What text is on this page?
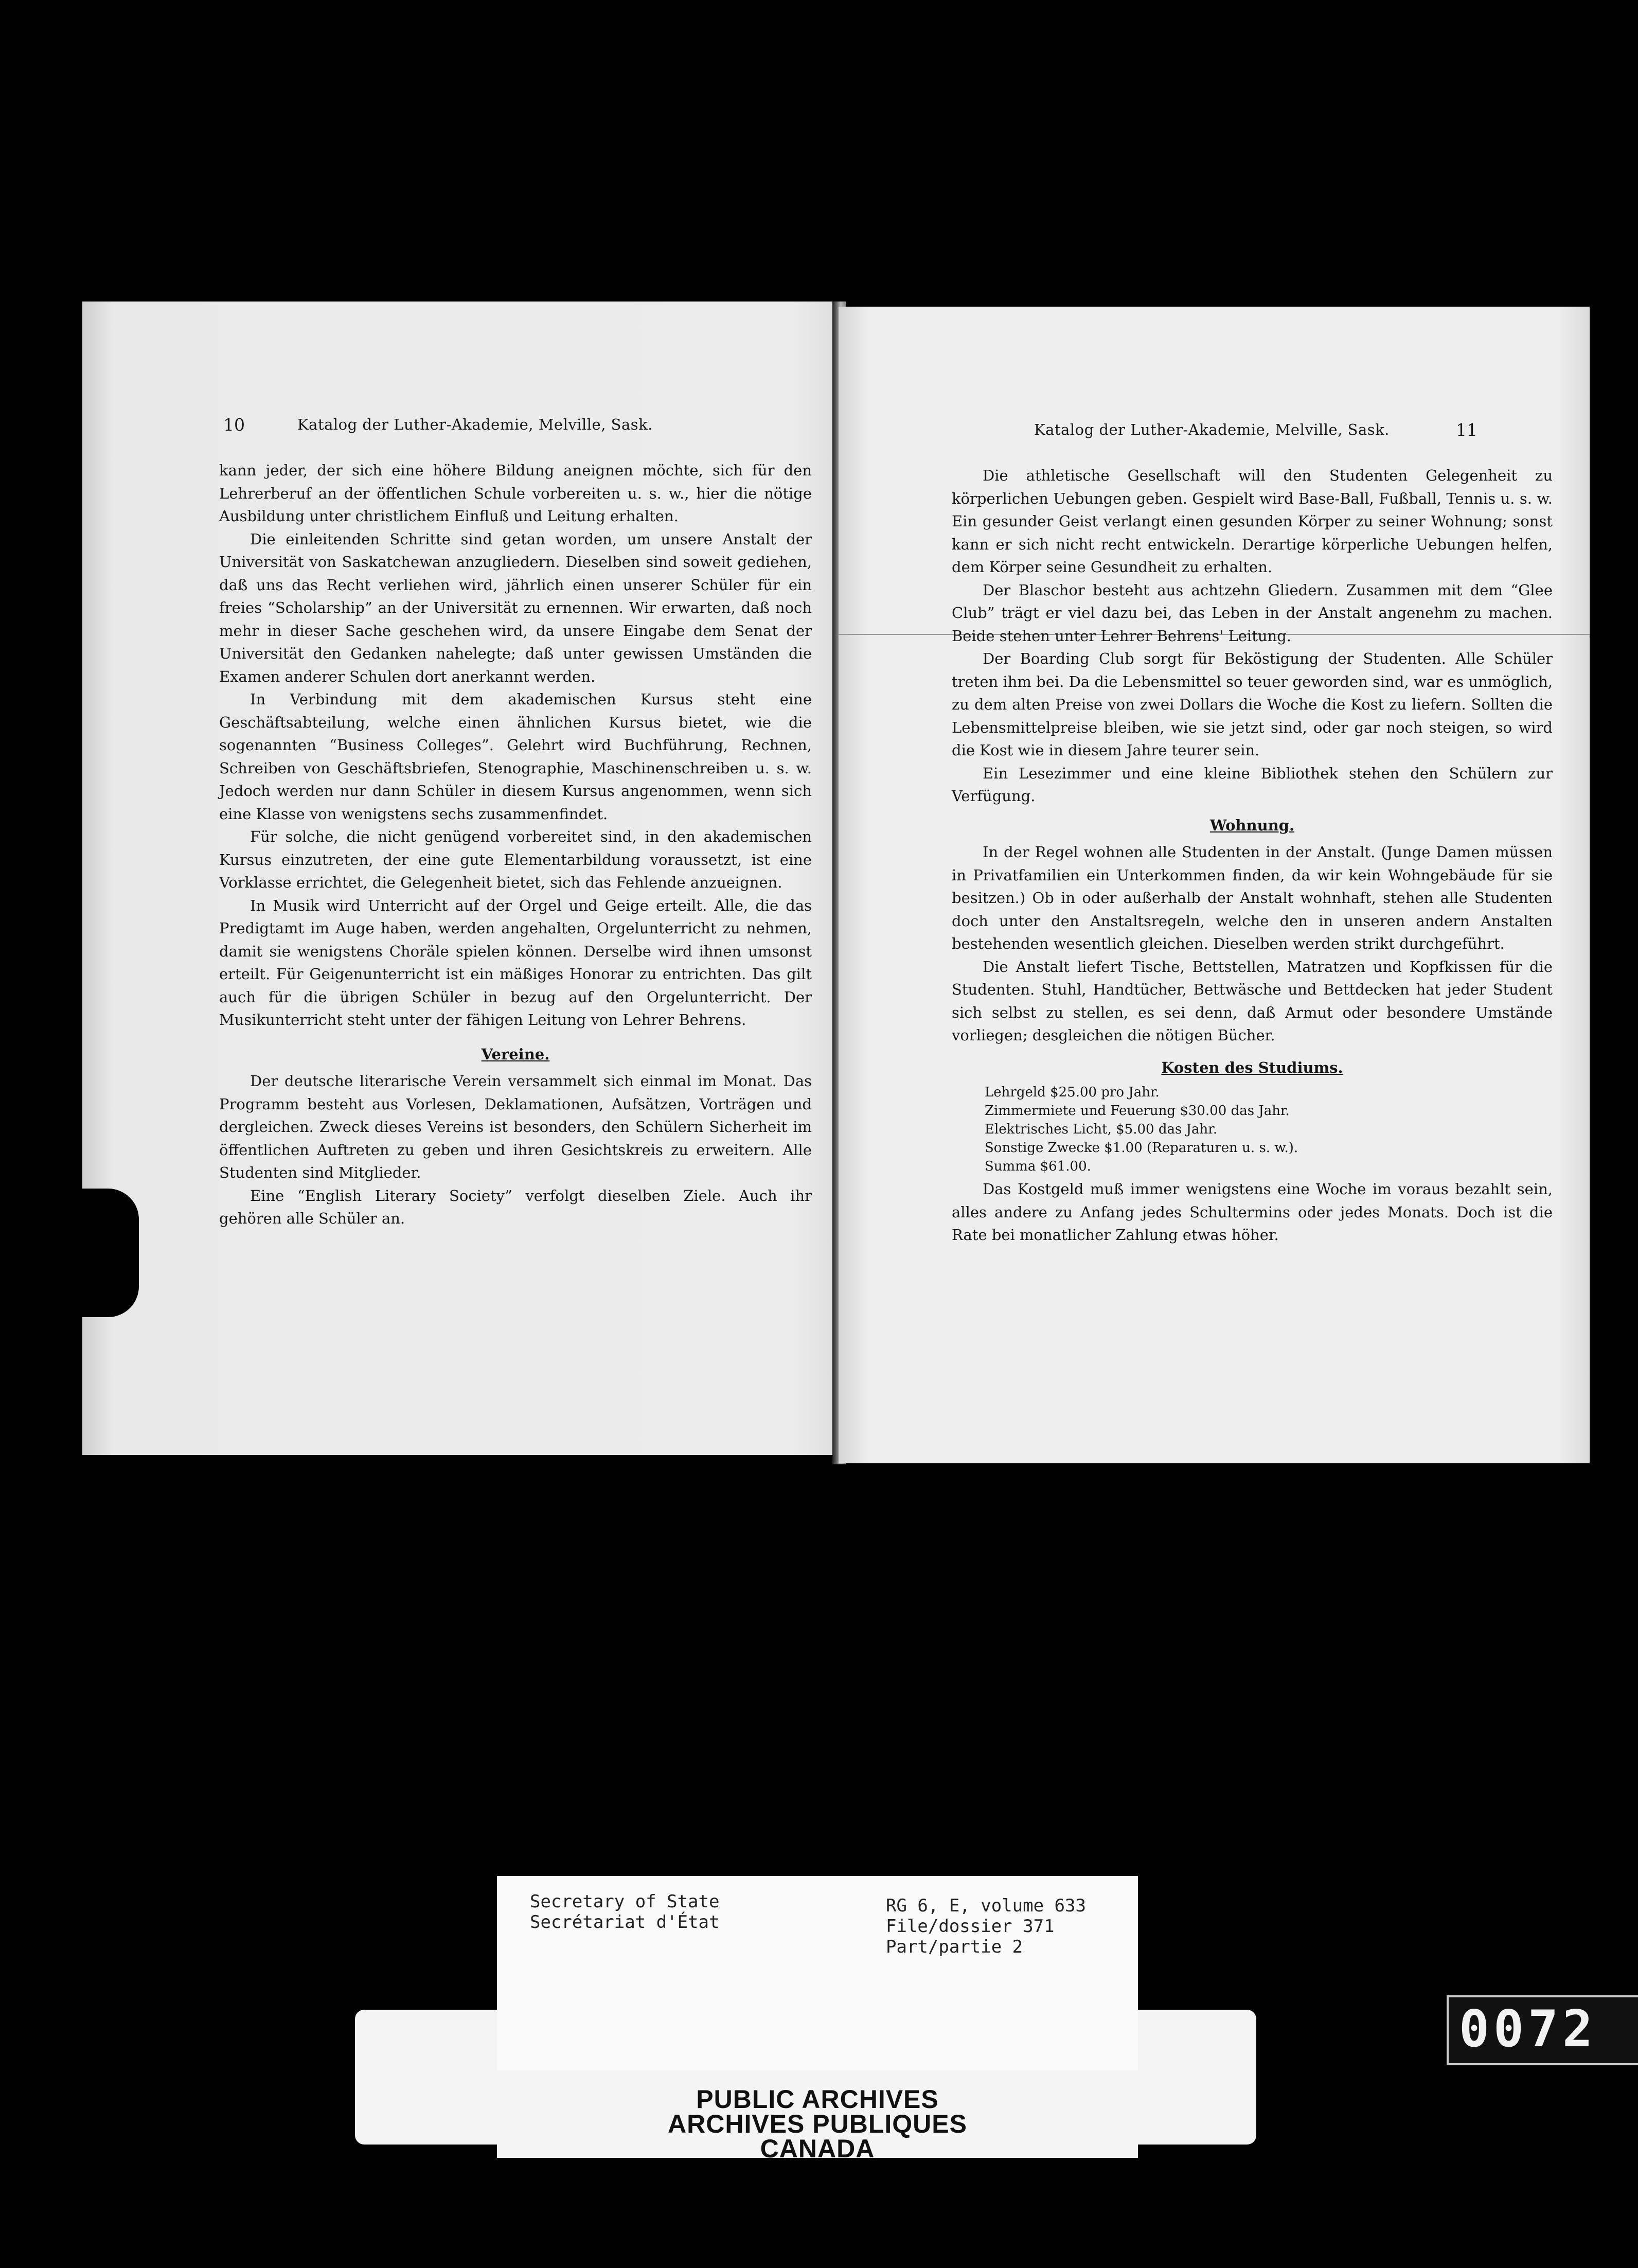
10	Katalog der Luther-Akademie, Melville, Sask.

kann jeder, der sich eine höhere Bildung aneignen möchte, sich für den Lehrerberuf an der öffentlichen Schule vorbereiten u. s. w., hier die nötige Ausbildung unter christlichem Einfluß und Leitung erhalten.

Die einleitenden Schritte sind getan worden, um unsere Anstalt der Universität von Saskatchewan anzugliedern. Dieselben sind soweit gediehen, daß uns das Recht verliehen wird, jährlich einen unserer Schüler für ein freies “Scholarship” an der Universität zu ernennen. Wir erwarten, daß noch mehr in dieser Sache geschehen wird, da unsere Eingabe dem Senat der Universität den Gedanken nahelegte; daß unter gewissen Umständen die Examen anderer Schulen dort anerkannt werden.

In Verbindung mit dem akademischen Kursus steht eine Geschäftsabteilung, welche einen ähnlichen Kursus bietet, wie die sogenannten “Business Colleges”. Gelehrt wird Buchführung, Rechnen, Schreiben von Geschäftsbriefen, Stenographie, Maschinenschreiben u. s. w. Jedoch werden nur dann Schüler in diesem Kursus angenommen, wenn sich eine Klasse von wenigstens sechs zusammenfindet.

Für solche, die nicht genügend vorbereitet sind, in den akademischen Kursus einzutreten, der eine gute Elementarbildung voraussetzt, ist eine Vorklasse errichtet, die Gelegenheit bietet, sich das Fehlende anzueignen.

In Musik wird Unterricht auf der Orgel und Geige erteilt. Alle, die das Predigtamt im Auge haben, werden angehalten, Orgelunterricht zu nehmen, damit sie wenigstens Choräle spielen können. Derselbe wird ihnen umsonst erteilt. Für Geigenunterricht ist ein mäßiges Honorar zu entrichten. Das gilt auch für die übrigen Schüler in bezug auf den Orgelunterricht. Der Musikunterricht steht unter der fähigen Leitung von Lehrer Behrens.

Vereine.

Der deutsche literarische Verein versammelt sich einmal im Monat. Das Programm besteht aus Vorlesen, Deklamationen, Aufsätzen, Vorträgen und dergleichen. Zweck dieses Vereins ist besonders, den Schülern Sicherheit im öffentlichen Auftreten zu geben und ihren Gesichtskreis zu erweitern. Alle Studenten sind Mitglieder.

Eine “English Literary Society” verfolgt dieselben Ziele. Auch ihr gehören alle Schüler an.

Katalog der Luther-Akademie, Melville, Sask.	11

Die athletische Gesellschaft will den Studenten Gelegenheit zu körperlichen Uebungen geben. Gespielt wird Base-Ball, Fußball, Tennis u. s. w. Ein gesunder Geist verlangt einen gesunden Körper zu seiner Wohnung; sonst kann er sich nicht recht entwickeln. Derartige körperliche Uebungen helfen, dem Körper seine Gesundheit zu erhalten.

Der Blaschor besteht aus achtzehn Gliedern. Zusammen mit dem “Glee Club” trägt er viel dazu bei, das Leben in der Anstalt angenehm zu machen. Beide stehen unter Lehrer Behrens' Leitung.

Der Boarding Club sorgt für Beköstigung der Studenten. Alle Schüler treten ihm bei. Da die Lebensmittel so teuer geworden sind, war es unmöglich, zu dem alten Preise von zwei Dollars die Woche die Kost zu liefern. Sollten die Lebensmittelpreise bleiben, wie sie jetzt sind, oder gar noch steigen, so wird die Kost wie in diesem Jahre teurer sein.

Ein Lesezimmer und eine kleine Bibliothek stehen den Schülern zur Verfügung.

Wohnung.

In der Regel wohnen alle Studenten in der Anstalt. (Junge Damen müssen in Privatfamilien ein Unterkommen finden, da wir kein Wohngebäude für sie besitzen.) Ob in oder außerhalb der Anstalt wohnhaft, stehen alle Studenten doch unter den Anstaltsregeln, welche den in unseren andern Anstalten bestehenden wesentlich gleichen. Dieselben werden strikt durchgeführt.

Die Anstalt liefert Tische, Bettstellen, Matratzen und Kopfkissen für die Studenten. Stuhl, Handtücher, Bettwäsche und Bettdecken hat jeder Student sich selbst zu stellen, es sei denn, daß Armut oder besondere Umstände vorliegen; desgleichen die nötigen Bücher.

Kosten des Studiums.
Lehrgeld $25.00 pro Jahr.
Zimmermiete und Feuerung $30.00 das Jahr.
Elektrisches Licht, $5.00 das Jahr.
Sonstige Zwecke $1.00 (Reparaturen u. s. w.).
Summa $61.00.

Das Kostgeld muß immer wenigstens eine Woche im voraus bezahlt sein, alles andere zu Anfang jedes Schultermins oder jedes Monats. Doch ist die Rate bei monatlicher Zahlung etwas höher.

Secretary of State
Secrétariat d'État
RG 6, E, volume 633
File/dossier 371
Part/partie 2
PUBLIC ARCHIVES
ARCHIVES PUBLIQUES
CANADA
0072
